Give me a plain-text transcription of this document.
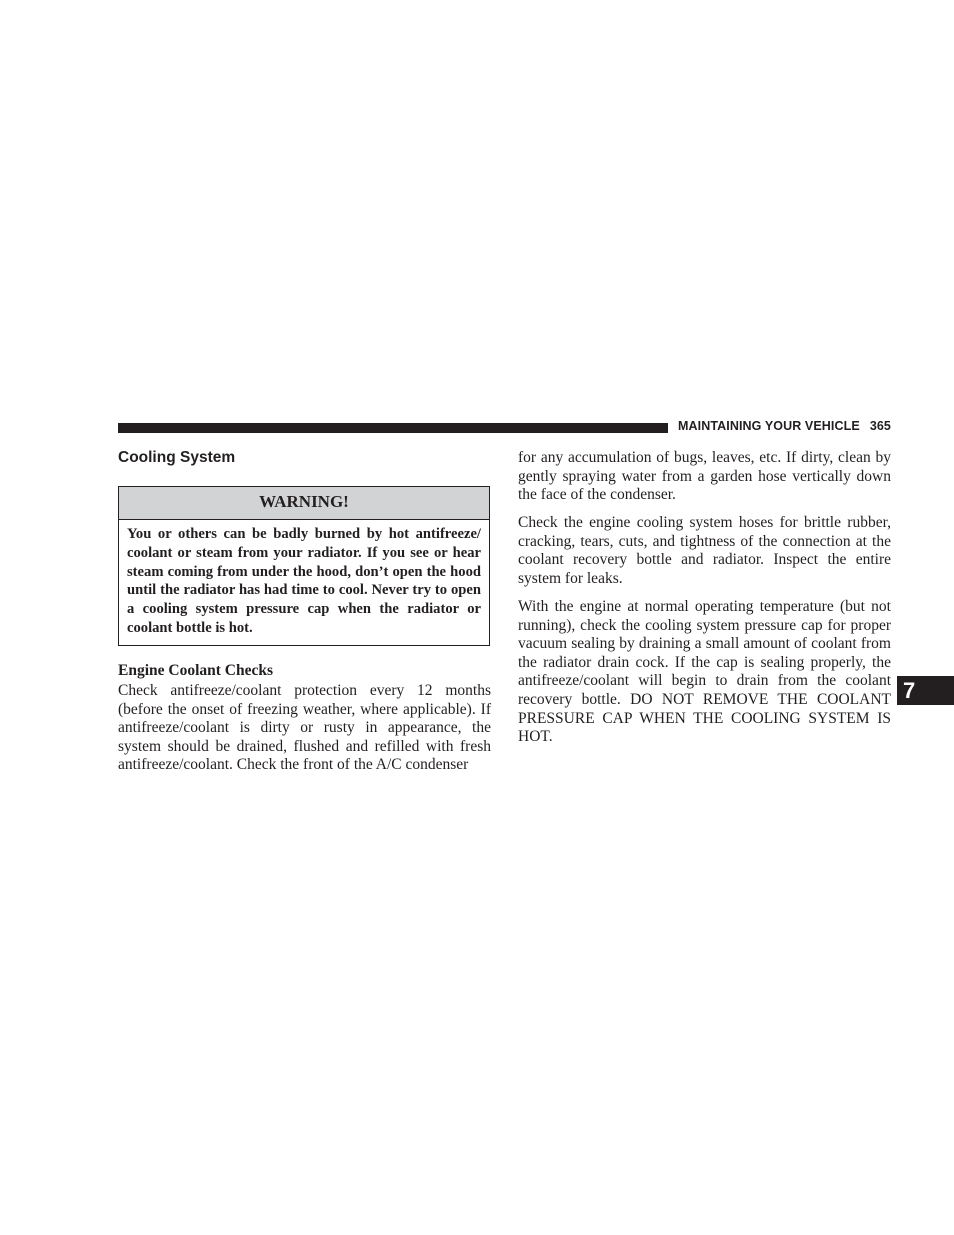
MAINTAINING YOUR VEHICLE 365
Cooling System
WARNING!
You or others can be badly burned by hot antifreeze/ coolant or steam from your radiator. If you see or hear steam coming from under the hood, don’t open the hood until the radiator has had time to cool. Never try to open a cooling system pressure cap when the radiator or coolant bottle is hot.
Engine Coolant Checks

Check antifreeze/coolant protection every 12 months (before the onset of freezing weather, where applicable). If antifreeze/coolant is dirty or rusty in appearance, the system should be drained, flushed and refilled with fresh antifreeze/coolant. Check the front of the A/C condenser

for any accumulation of bugs, leaves, etc. If dirty, clean by gently spraying water from a garden hose vertically down the face of the condenser.

Check the engine cooling system hoses for brittle rubber, cracking, tears, cuts, and tightness of the connection at the coolant recovery bottle and radiator. Inspect the entire system for leaks.

With the engine at normal operating temperature (but not running), check the cooling system pressure cap for proper vacuum sealing by draining a small amount of coolant from the radiator drain cock. If the cap is sealing properly, the antifreeze/coolant will begin to drain from the coolant recovery bottle. DO NOT REMOVE THE COOLANT PRESSURE CAP WHEN THE COOLING SYSTEM IS HOT.

7
